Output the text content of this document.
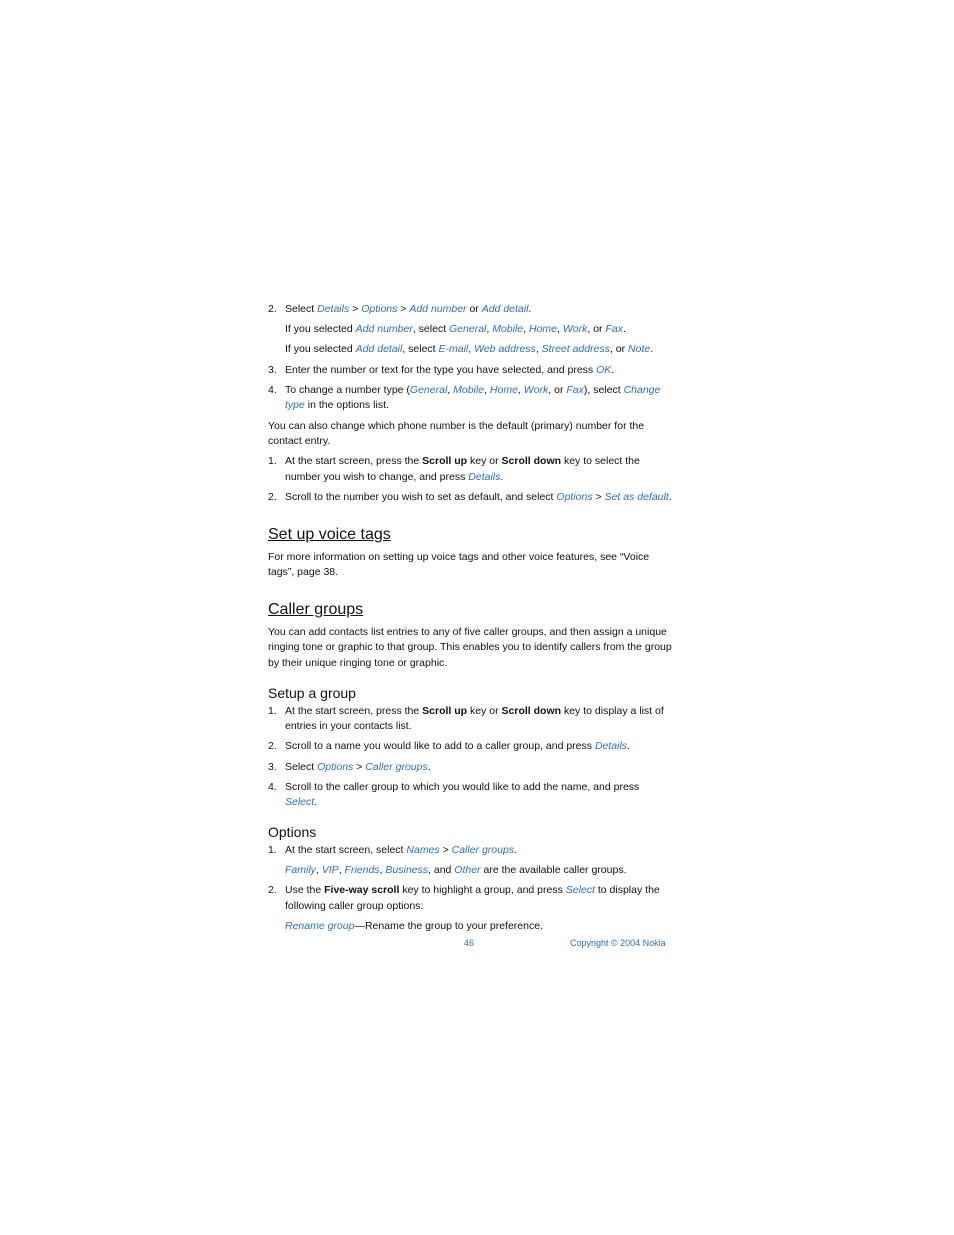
2. Select Details > Options > Add number or Add detail.
If you selected Add number, select General, Mobile, Home, Work, or Fax.
If you selected Add detail, select E-mail, Web address, Street address, or Note.
3. Enter the number or text for the type you have selected, and press OK.
4. To change a number type (General, Mobile, Home, Work, or Fax), select Change type in the options list.
You can also change which phone number is the default (primary) number for the contact entry.
1. At the start screen, press the Scroll up key or Scroll down key to select the number you wish to change, and press Details.
2. Scroll to the number you wish to set as default, and select Options > Set as default.
Set up voice tags
For more information on setting up voice tags and other voice features, see “Voice tags”, page 38.
Caller groups
You can add contacts list entries to any of five caller groups, and then assign a unique ringing tone or graphic to that group. This enables you to identify callers from the group by their unique ringing tone or graphic.
Setup a group
1. At the start screen, press the Scroll up key or Scroll down key to display a list of entries in your contacts list.
2. Scroll to a name you would like to add to a caller group, and press Details.
3. Select Options > Caller groups.
4. Scroll to the caller group to which you would like to add the name, and press Select.
Options
1. At the start screen, select Names > Caller groups.
Family, VIP, Friends, Business, and Other are the available caller groups.
2. Use the Five-way scroll key to highlight a group, and press Select to display the following caller group options:
Rename group—Rename the group to your preference.
46	Copyright © 2004 Nokia
